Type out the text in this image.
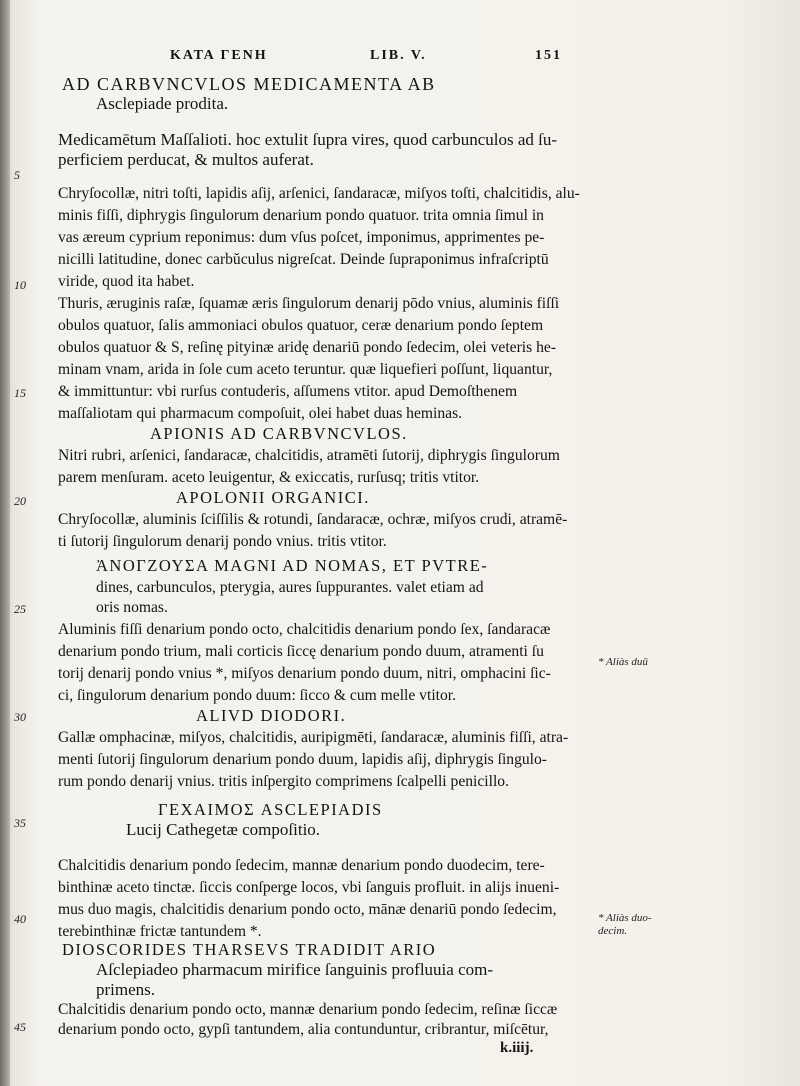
ΚΑΤΑ ΓΕΝΗ	LIB. V.	151
AD CARBVNCVLOS MEDICAMENTA AB
Asclepiade prodita.
Medicamētum Maſſalioti. hoc extulit ſupra vires, quod carbunculos ad ſu-
perficiem perducat, & multos auferat.
Chryſocollæ, nitri toſti, lapidis aſij, arſenici, ſandaracæ, miſyos toſti, chalcitidis, alu-
minis fiſſi, diphrygis ſingulorum denarium pondo quatuor. trita omnia ſimul in
vas æreum cyprium reponimus: dum vſus poſcet, imponimus, apprimentes pe-
nicilli latitudine, donec carbŭculus nigreſcat. Deinde ſupraponimus infraſcriptū
viride, quod ita habet.
Thuris, æruginis raſæ, ſquamæ æris ſingulorum denarij pōdo vnius, aluminis fiſſi
obulos quatuor, ſalis ammoniaci obulos quatuor, ceræ denarium pondo ſeptem
obulos quatuor & S, reſinę pityinæ aridę denariū pondo ſedecim, olei veteris he-
minam vnam, arida in ſole cum aceto teruntur. quæ liquefieri poſſunt, liquantur,
& immittuntur: vbi rurſus contuderis, aſſumens vtitor. apud Demoſthenem
maſſaliotam qui pharmacum compoſuit, olei habet duas heminas.
APIONIS AD CARBVNCVLOS.
Nitri rubri, arſenici, ſandaracæ, chalcitidis, atramēti ſutorij, diphrygis ſingulorum
parem menſuram. aceto leuigentur, & exiccatis, rurſusq; tritis vtitor.
APOLONII ORGANICI.
Chryſocollæ, aluminis ſciſſilis & rotundi, ſandaracæ, ochræ, miſyos crudi, atramē-
ti ſutorij ſingulorum denarij pondo vnius. tritis vtitor.
ἈΝΟΓΖΟΥΣΑ MAGNI AD NOMAS, ET PVTRE-
dines, carbunculos, pterygia, aures ſuppurantes. valet etiam ad
oris nomas.
Aluminis fiſſi denarium pondo octo, chalcitidis denarium pondo ſex, ſandaracæ
denarium pondo trium, mali corticis ſiccę denarium pondo duum, atramenti ſu
torij denarij pondo vnius *, miſyos denarium pondo duum, nitri, omphacini ſic-
ci, ſingulorum denarium pondo duum: ſicco & cum melle vtitor.
ALIVD DIODORI.
Gallæ omphacinæ, miſyos, chalcitidis, auripigmēti, ſandaracæ, aluminis fiſſi, atra-
menti ſutorij ſingulorum denarium pondo duum, lapidis aſij, diphrygis ſingulo-
rum pondo denarij vnius. tritis inſpergito comprimens ſcalpelli penicillo.
ΓΕΧΑΙΜΟΣ ASCLEPIADIS
Lucij Cathegetæ compoſitio.
Chalcitidis denarium pondo ſedecim, mannæ denarium pondo duodecim, tere-
binthinæ aceto tinctæ. ſiccis conſperge locos, vbi ſanguis profluit. in alijs inueni-
mus duo magis, chalcitidis denarium pondo octo, mānæ denariū pondo ſedecim,
terebinthinæ frictæ tantundem *.
DIOSCORIDES THARSEVS TRADIDIT ARIO
Aſclepiadeo pharmacum mirifice ſanguinis profluuia com-
primens.
Chalcitidis denarium pondo octo, mannæ denarium pondo ſedecim, reſinæ ſiccæ
denarium pondo octo, gypſi tantundem, alia contunduntur, cribrantur, miſcētur,
5
10
15
20
25
30
35
40
45
* Aliàs duū
* Aliàs duo-
decim.
k.iiij.
